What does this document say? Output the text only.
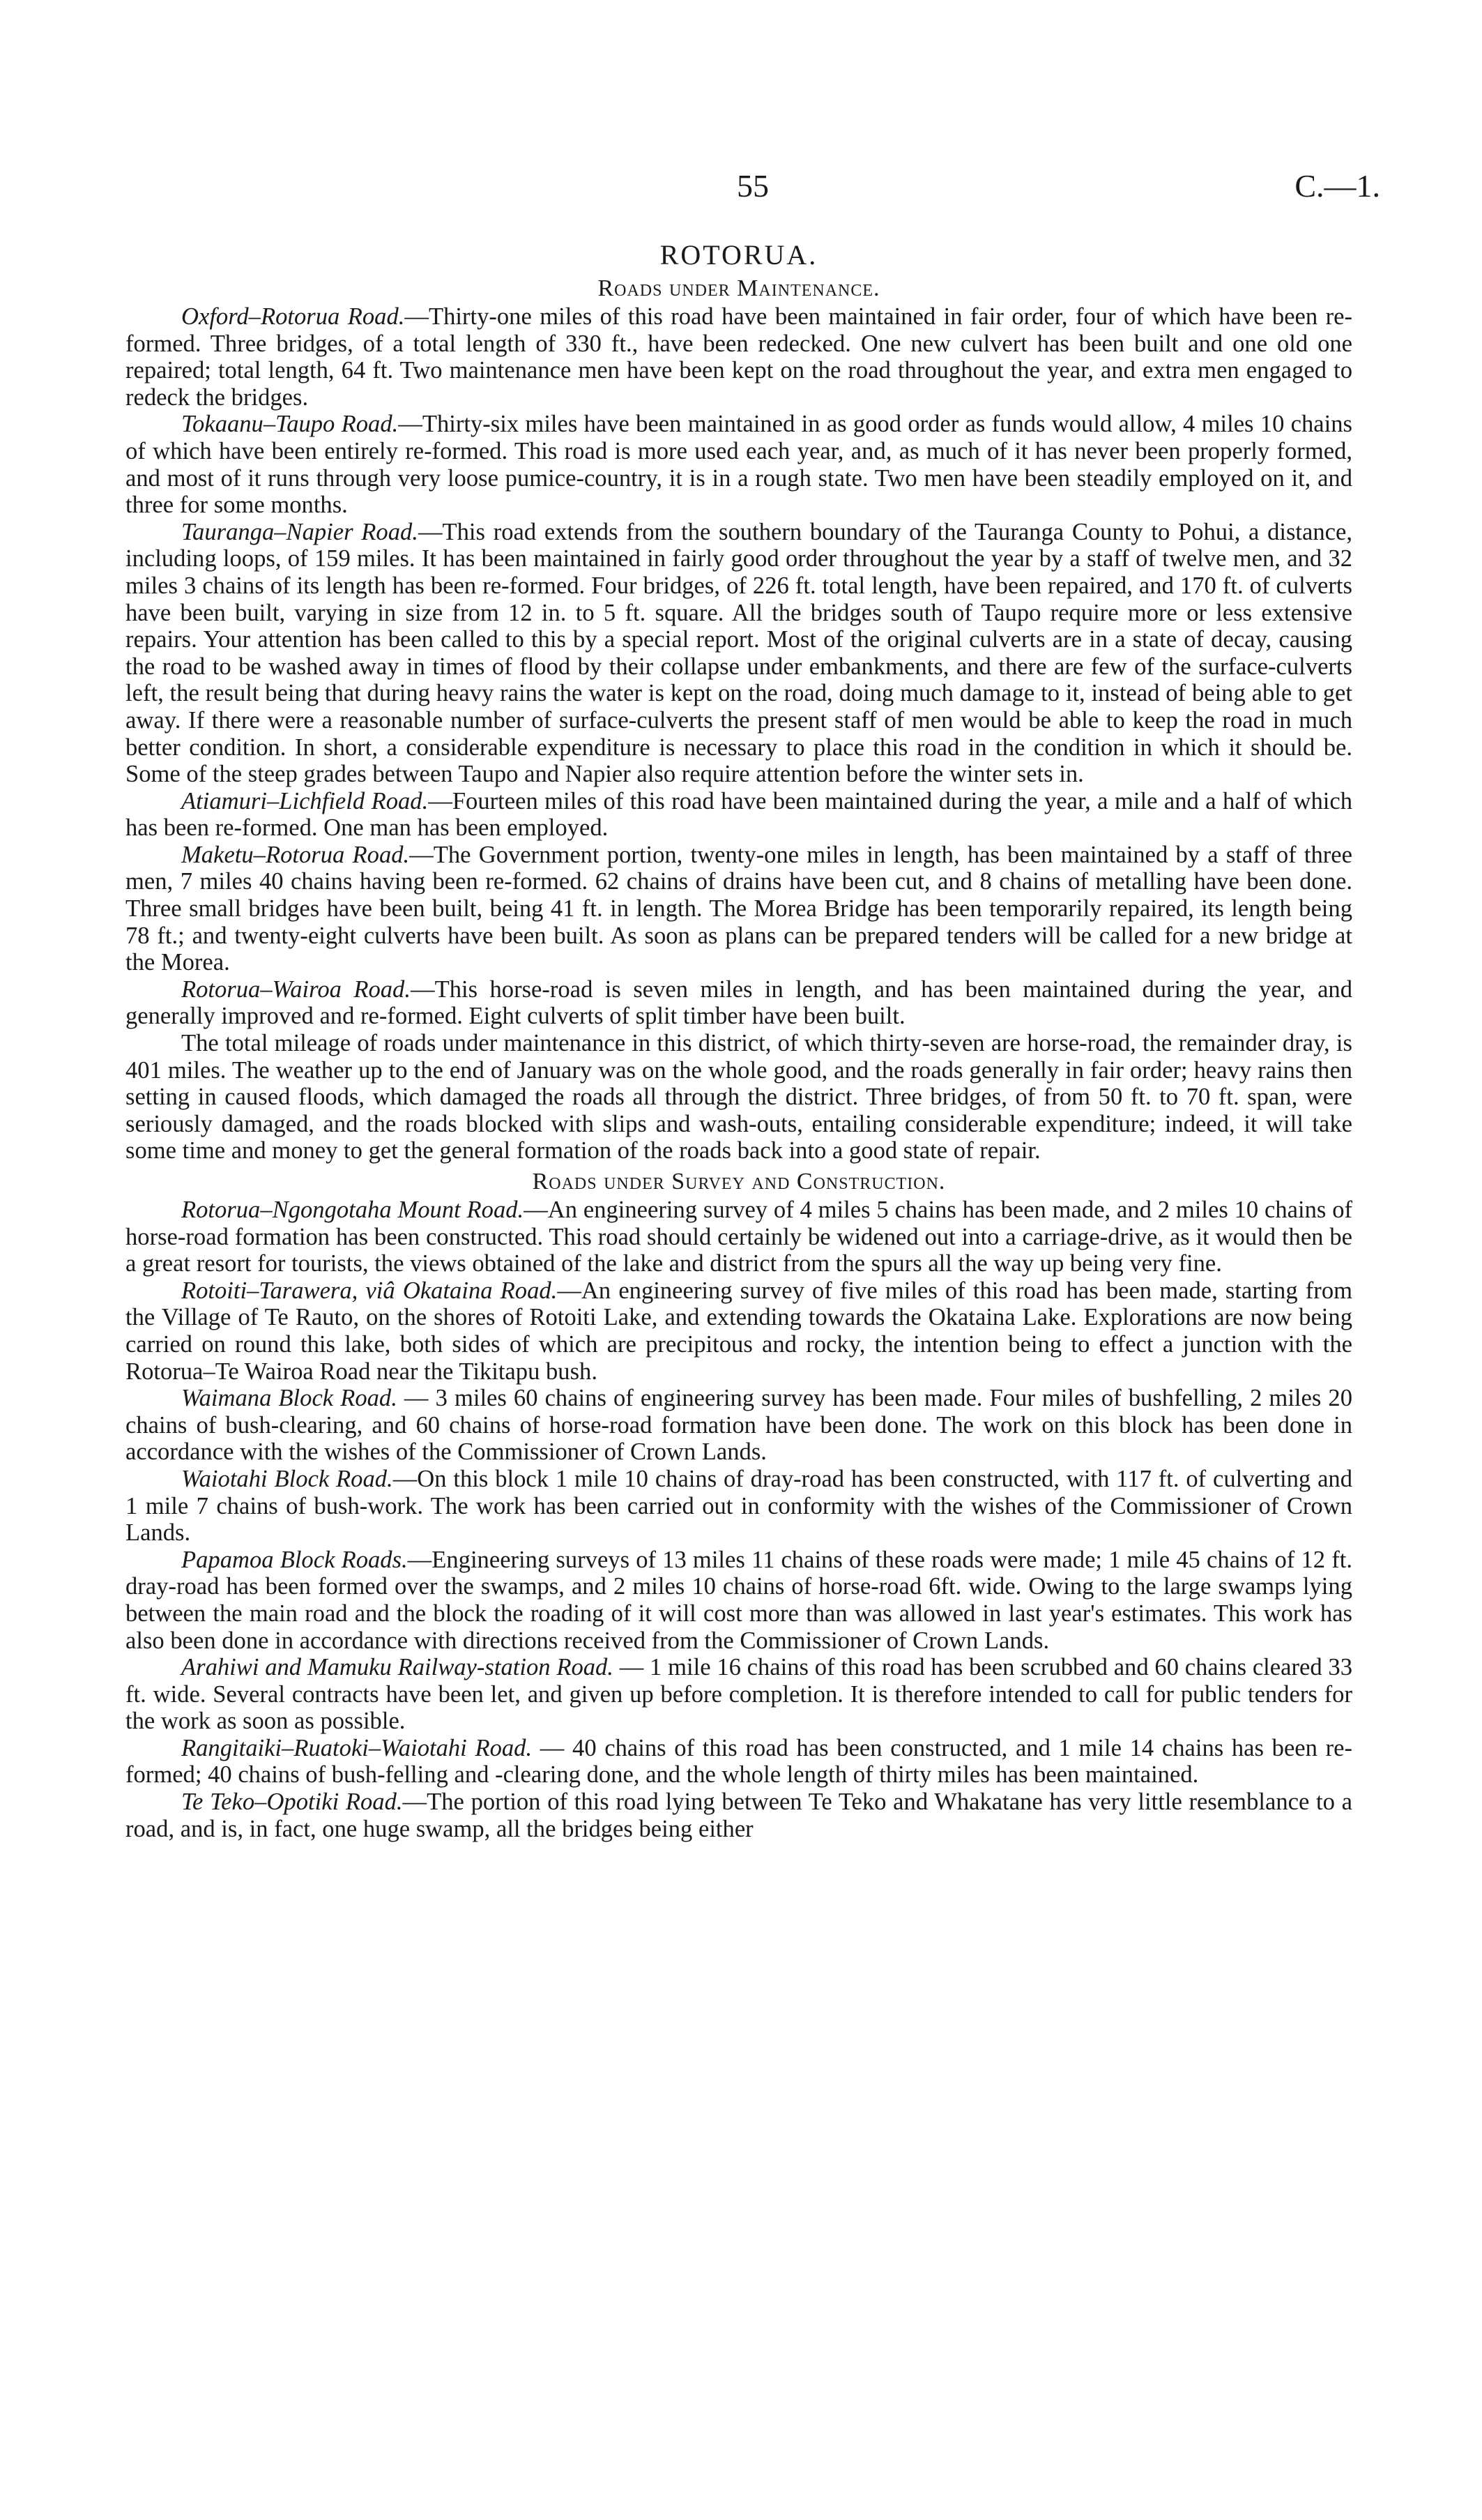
55	C.—1.
ROTORUA.
Roads under Maintenance.

Oxford–Rotorua Road.—Thirty-one miles of this road have been maintained in fair order, four of which have been re-formed. Three bridges, of a total length of 330 ft., have been redecked. One new culvert has been built and one old one repaired; total length, 64 ft. Two maintenance men have been kept on the road throughout the year, and extra men engaged to redeck the bridges.

Tokaanu–Taupo Road.—Thirty-six miles have been maintained in as good order as funds would allow, 4 miles 10 chains of which have been entirely re-formed. This road is more used each year, and, as much of it has never been properly formed, and most of it runs through very loose pumice-country, it is in a rough state. Two men have been steadily employed on it, and three for some months.

Tauranga–Napier Road.—This road extends from the southern boundary of the Tauranga County to Pohui, a distance, including loops, of 159 miles. It has been maintained in fairly good order throughout the year by a staff of twelve men, and 32 miles 3 chains of its length has been re-formed. Four bridges, of 226 ft. total length, have been repaired, and 170 ft. of culverts have been built, varying in size from 12 in. to 5 ft. square. All the bridges south of Taupo require more or less extensive repairs. Your attention has been called to this by a special report. Most of the original culverts are in a state of decay, causing the road to be washed away in times of flood by their collapse under embankments, and there are few of the surface-culverts left, the result being that during heavy rains the water is kept on the road, doing much damage to it, instead of being able to get away. If there were a reasonable number of surface-culverts the present staff of men would be able to keep the road in much better condition. In short, a considerable expenditure is necessary to place this road in the condition in which it should be. Some of the steep grades between Taupo and Napier also require attention before the winter sets in.

Atiamuri–Lichfield Road.—Fourteen miles of this road have been maintained during the year, a mile and a half of which has been re-formed. One man has been employed.

Maketu–Rotorua Road.—The Government portion, twenty-one miles in length, has been maintained by a staff of three men, 7 miles 40 chains having been re-formed. 62 chains of drains have been cut, and 8 chains of metalling have been done. Three small bridges have been built, being 41 ft. in length. The Morea Bridge has been temporarily repaired, its length being 78 ft.; and twenty-eight culverts have been built. As soon as plans can be prepared tenders will be called for a new bridge at the Morea.

Rotorua–Wairoa Road.—This horse-road is seven miles in length, and has been maintained during the year, and generally improved and re-formed. Eight culverts of split timber have been built.

The total mileage of roads under maintenance in this district, of which thirty-seven are horse-road, the remainder dray, is 401 miles. The weather up to the end of January was on the whole good, and the roads generally in fair order; heavy rains then setting in caused floods, which damaged the roads all through the district. Three bridges, of from 50 ft. to 70 ft. span, were seriously damaged, and the roads blocked with slips and wash-outs, entailing considerable expenditure; indeed, it will take some time and money to get the general formation of the roads back into a good state of repair.

Roads under Survey and Construction.

Rotorua–Ngongotaha Mount Road.—An engineering survey of 4 miles 5 chains has been made, and 2 miles 10 chains of horse-road formation has been constructed. This road should certainly be widened out into a carriage-drive, as it would then be a great resort for tourists, the views obtained of the lake and district from the spurs all the way up being very fine.

Rotoiti–Tarawera, viâ Okataina Road.—An engineering survey of five miles of this road has been made, starting from the Village of Te Rauto, on the shores of Rotoiti Lake, and extending towards the Okataina Lake. Explorations are now being carried on round this lake, both sides of which are precipitous and rocky, the intention being to effect a junction with the Rotorua–Te Wairoa Road near the Tikitapu bush.

Waimana Block Road. — 3 miles 60 chains of engineering survey has been made. Four miles of bushfelling, 2 miles 20 chains of bush-clearing, and 60 chains of horse-road formation have been done. The work on this block has been done in accordance with the wishes of the Commissioner of Crown Lands.

Waiotahi Block Road.—On this block 1 mile 10 chains of dray-road has been constructed, with 117 ft. of culverting and 1 mile 7 chains of bush-work. The work has been carried out in conformity with the wishes of the Commissioner of Crown Lands.

Papamoa Block Roads.—Engineering surveys of 13 miles 11 chains of these roads were made; 1 mile 45 chains of 12 ft. dray-road has been formed over the swamps, and 2 miles 10 chains of horse-road 6ft. wide. Owing to the large swamps lying between the main road and the block the roading of it will cost more than was allowed in last year's estimates. This work has also been done in accordance with directions received from the Commissioner of Crown Lands.

Arahiwi and Mamuku Railway-station Road. — 1 mile 16 chains of this road has been scrubbed and 60 chains cleared 33 ft. wide. Several contracts have been let, and given up before completion. It is therefore intended to call for public tenders for the work as soon as possible.

Rangitaiki–Ruatoki–Waiotahi Road. — 40 chains of this road has been constructed, and 1 mile 14 chains has been re-formed; 40 chains of bush-felling and -clearing done, and the whole length of thirty miles has been maintained.

Te Teko–Opotiki Road.—The portion of this road lying between Te Teko and Whakatane has very little resemblance to a road, and is, in fact, one huge swamp, all the bridges being either
